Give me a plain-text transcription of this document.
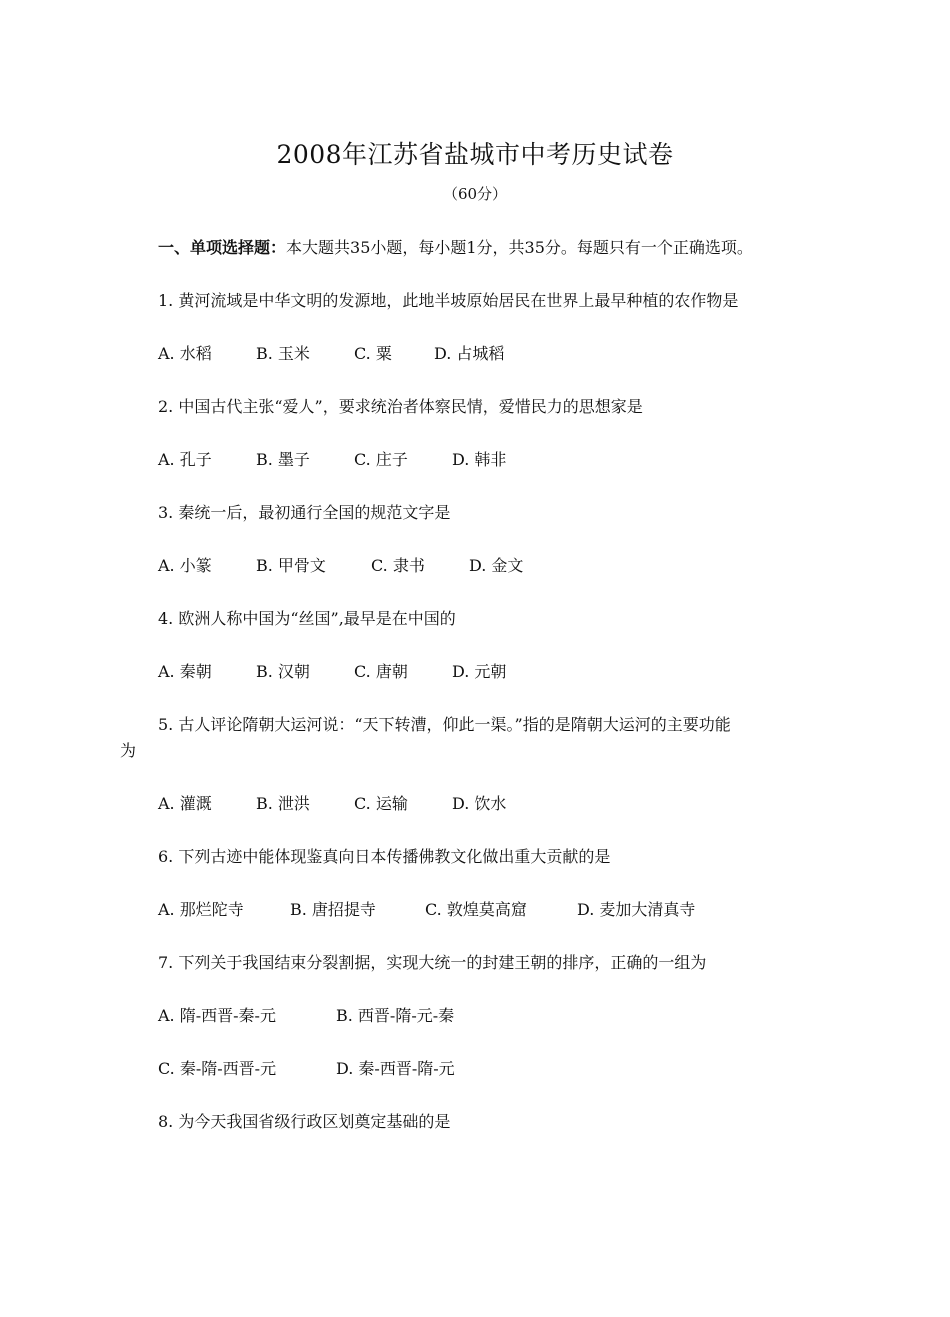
2008年江苏省盐城市中考历史试卷
（60分）
一、单项选择题：本大题共35小题，每小题1分，共35分。每题只有一个正确选项。
1. 黄河流域是中华文明的发源地，此地半坡原始居民在世界上最早种植的农作物是
A. 水稻	B. 玉米	C. 粟	D. 占城稻
2. 中国古代主张“爱人”，要求统治者体察民情，爱惜民力的思想家是
A. 孔子	B. 墨子	C. 庄子	D. 韩非
3. 秦统一后，最初通行全国的规范文字是
A. 小篆	B. 甲骨文	C. 隶书	D. 金文
4. 欧洲人称中国为“丝国”,最早是在中国的
A. 秦朝	B. 汉朝	C. 唐朝	D. 元朝
5. 古人评论隋朝大运河说：“天下转漕，仰此一渠。”指的是隋朝大运河的主要功能
为
A. 灌溉	B. 泄洪	C. 运输	D. 饮水
6. 下列古迹中能体现鉴真向日本传播佛教文化做出重大贡献的是
A. 那烂陀寺	B. 唐招提寺	C. 敦煌莫高窟	D. 麦加大清真寺
7. 下列关于我国结束分裂割据，实现大统一的封建王朝的排序，正确的一组为
A. 隋-西晋-秦-元	B. 西晋-隋-元-秦
C. 秦-隋-西晋-元	D. 秦-西晋-隋-元
8. 为今天我国省级行政区划奠定基础的是
